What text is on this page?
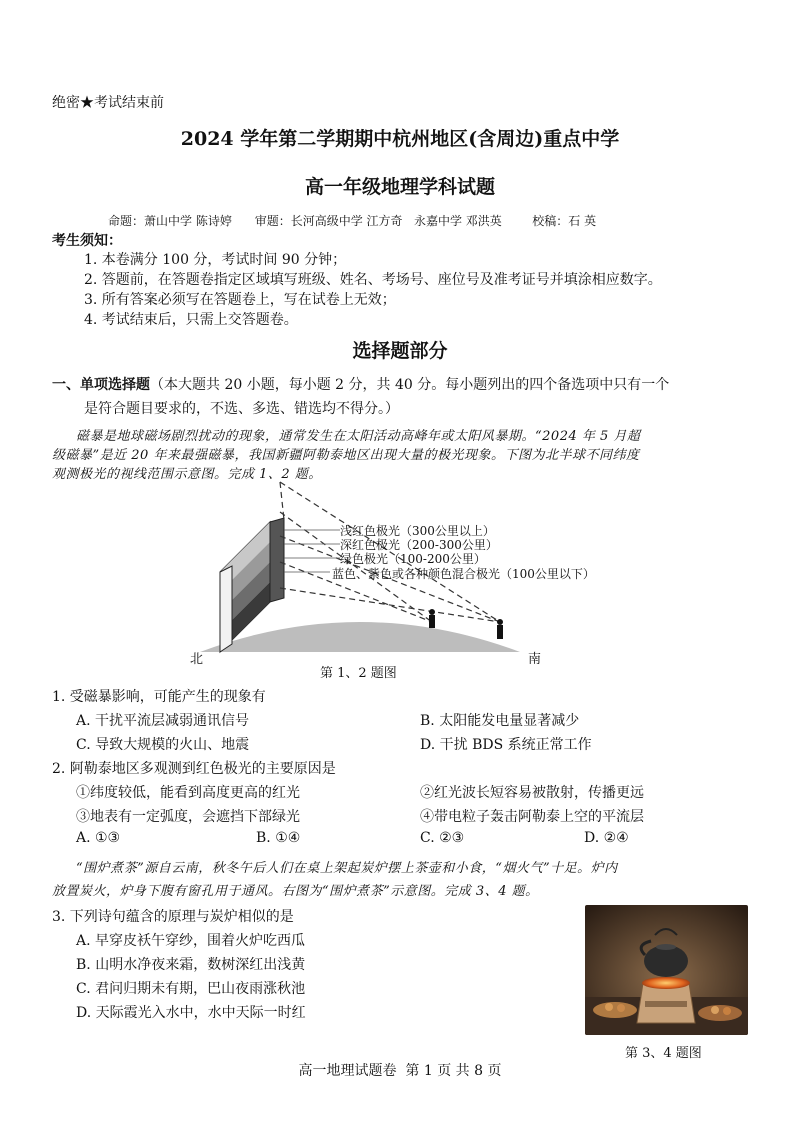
绝密★考试结束前
2024 学年第二学期期中杭州地区(含周边)重点中学
高一年级地理学科试题
命题：萧山中学 陈诗婷      审题：长河高级中学 江方奇   永嘉中学 邓洪英        校稿：石 英
考生须知：
1. 本卷满分 100 分，考试时间 90 分钟；
2. 答题前，在答题卷指定区域填写班级、姓名、考场号、座位号及准考证号并填涂相应数字。
3. 所有答案必须写在答题卷上，写在试卷上无效；
4. 考试结束后，只需上交答题卷。
选择题部分
一、单项选择题（本大题共 20 小题，每小题 2 分，共 40 分。每小题列出的四个备选项中只有一个
是符合题目要求的，不选、多选、错选均不得分。）
磁暴是地球磁场剧烈扰动的现象，通常发生在太阳活动高峰年或太阳风暴期。“2024 年 5 月超
级磁暴”是近 20 年来最强磁暴，我国新疆阿勒泰地区出现大量的极光现象。下图为北半球不同纬度
观测极光的视线范围示意图。完成 1、2 题。
浅红色极光（300公里以上）
深红色极光（200-300公里）
绿色极光（100-200公里）
蓝色、紫色或各种颜色混合极光（100公里以下）
北	南
第 1、2 题图
1. 受磁暴影响，可能产生的现象有
A. 干扰平流层减弱通讯信号	B. 太阳能发电量显著减少
C. 导致大规模的火山、地震	D. 干扰 BDS 系统正常工作
2. 阿勒泰地区多观测到红色极光的主要原因是
①纬度较低，能看到高度更高的红光	②红光波长短容易被散射，传播更远
③地表有一定弧度，会遮挡下部绿光	④带电粒子轰击阿勒泰上空的平流层
A. ①③	B. ①④	C. ②③	D. ②④
“围炉煮茶”源自云南，秋冬午后人们在桌上架起炭炉摆上茶壶和小食，“烟火气”十足。炉内
放置炭火，炉身下腹有窗孔用于通风。右图为“围炉煮茶”示意图。完成 3、4 题。
3. 下列诗句蕴含的原理与炭炉相似的是
A. 早穿皮袄午穿纱，围着火炉吃西瓜
B. 山明水净夜来霜，数树深红出浅黄
C. 君问归期未有期，巴山夜雨涨秋池
D. 天际霞光入水中，水中天际一时红
第 3、4 题图
高一地理试题卷  第 1 页 共 8 页
